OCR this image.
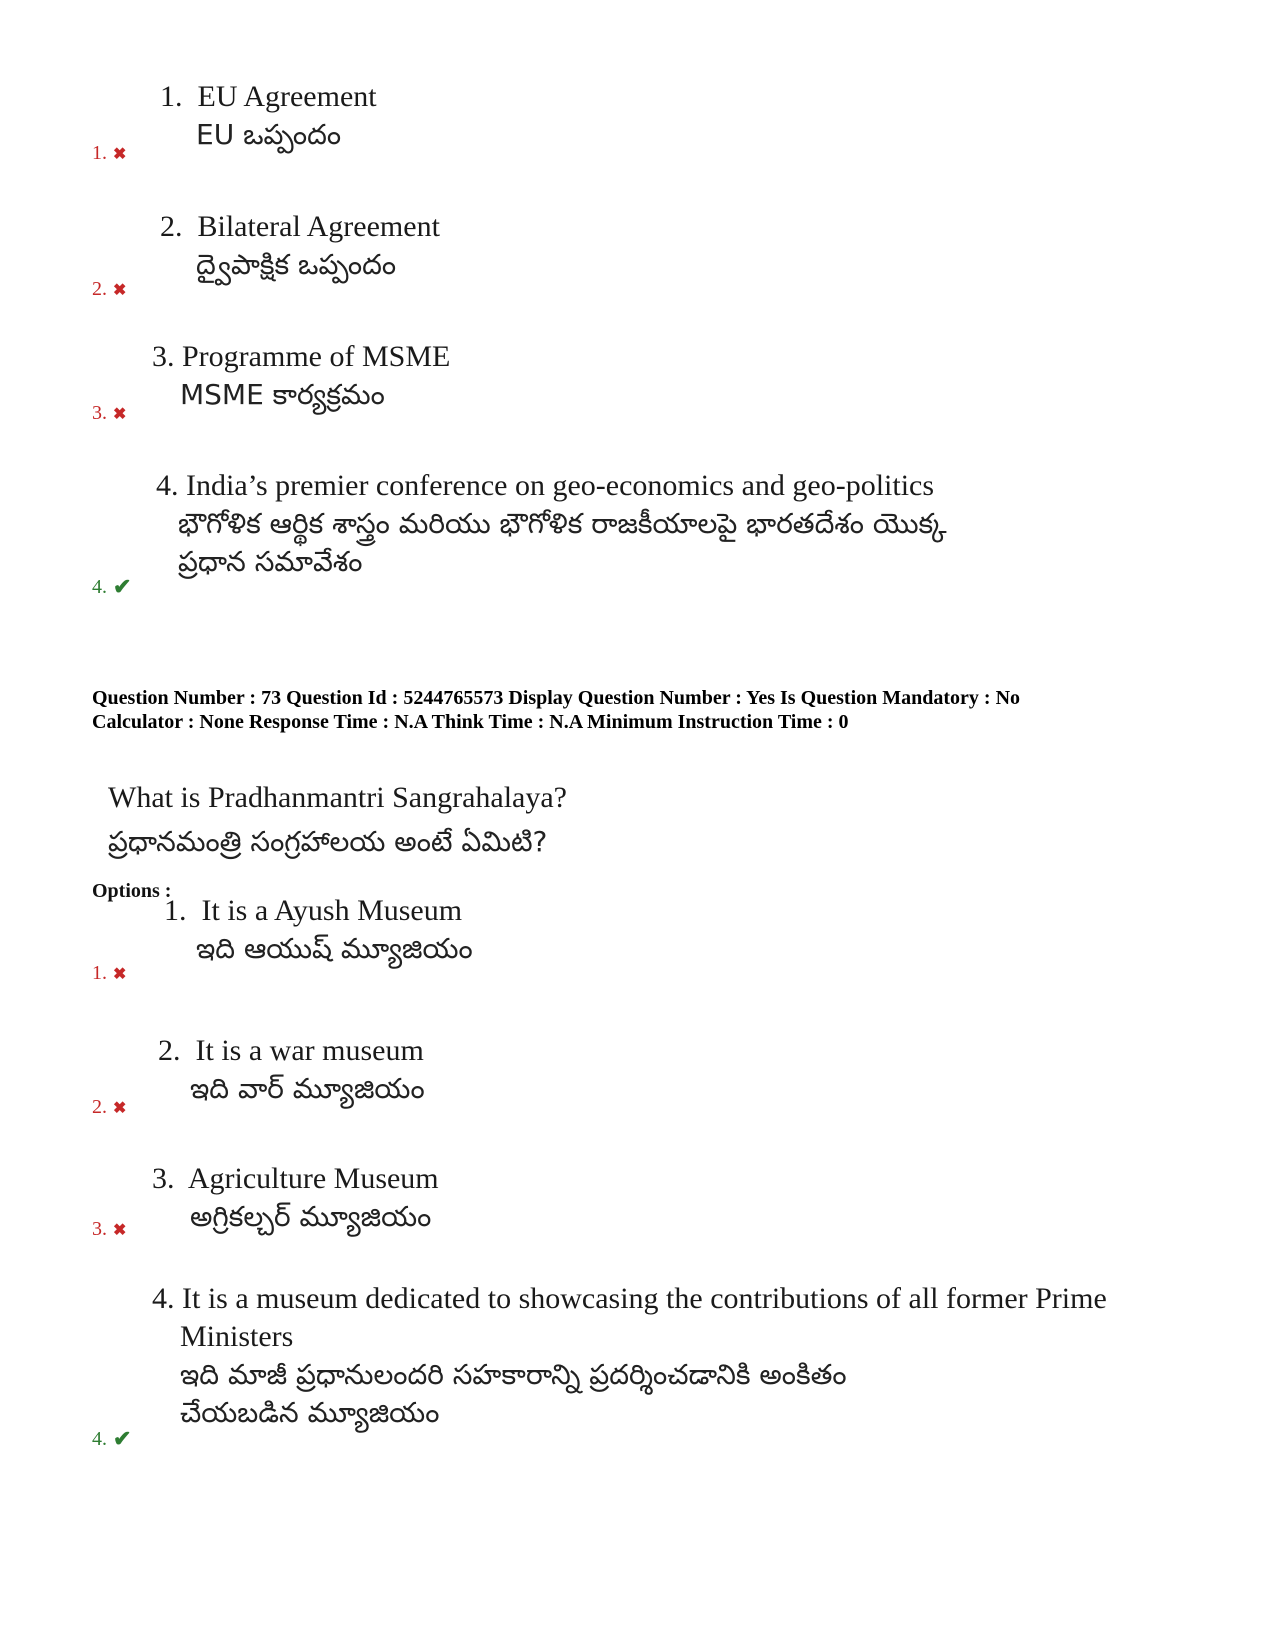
1. EU Agreement
EU ఒప్పందం
1. ✖
2. Bilateral Agreement
ద్వైపాక్షిక ఒప్పందం
2. ✖
3. Programme of MSME
MSME కార్యక్రమం
3. ✖
4. India’s premier conference on geo-economics and geo-politics
భౌగోళిక ఆర్థిక శాస్త్రం మరియు భౌగోళిక రాజకీయాలపై భారతదేశం యొక్క
ప్రధాన సమావేశం
4. ✔
Question Number : 73 Question Id : 5244765573 Display Question Number : Yes Is Question Mandatory : No
Calculator : None Response Time : N.A Think Time : N.A Minimum Instruction Time : 0
What is Pradhanmantri Sangrahalaya?
ప్రధానమంత్రి సంగ్రహాలయ అంటే ఏమిటి?
Options :
1. It is a Ayush Museum
ఇది ఆయుష్ మ్యూజియం
1. ✖
2. It is a war museum
ఇది వార్ మ్యూజియం
2. ✖
3. Agriculture Museum
అగ్రికల్చర్ మ్యూజియం
3. ✖
4. It is a museum dedicated to showcasing the contributions of all former Prime
Ministers
ఇది మాజీ ప్రధానులందరి సహకారాన్ని ప్రదర్శించడానికి అంకితం
చేయబడిన మ్యూజియం
4. ✔
